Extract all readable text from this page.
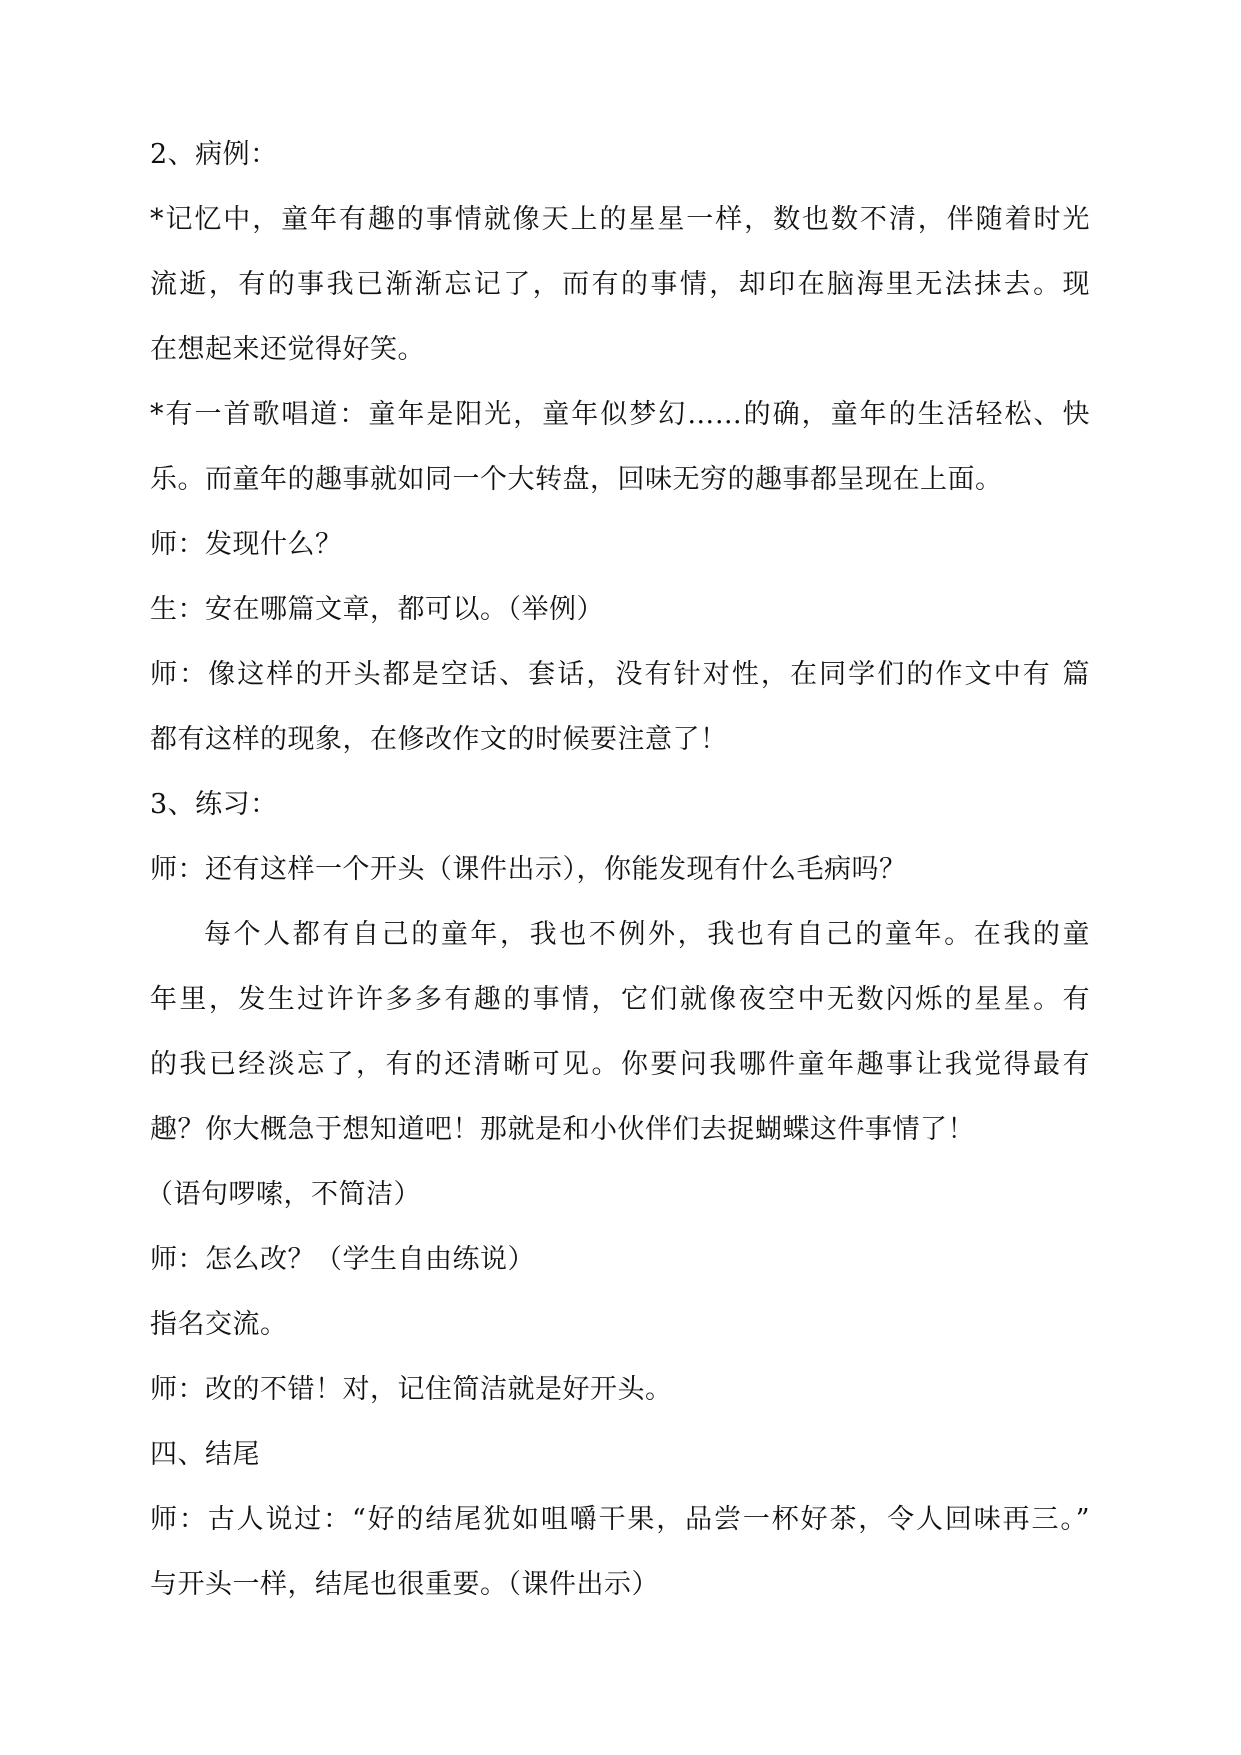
2、病例：
*记忆中，童年有趣的事情就像天上的星星一样，数也数不清，伴随着时光
流逝，有的事我已渐渐忘记了，而有的事情，却印在脑海里无法抹去。现
在想起来还觉得好笑。
*有一首歌唱道：童年是阳光，童年似梦幻……的确，童年的生活轻松、快
乐。而童年的趣事就如同一个大转盘，回味无穷的趣事都呈现在上面。
师：发现什么？
生：安在哪篇文章，都可以。（举例）
师：像这样的开头都是空话、套话，没有针对性，在同学们的作文中有 篇
都有这样的现象，在修改作文的时候要注意了！
3、练习：
师：还有这样一个开头（课件出示），你能发现有什么毛病吗？
每个人都有自己的童年，我也不例外，我也有自己的童年。在我的童
年里，发生过许许多多有趣的事情，它们就像夜空中无数闪烁的星星。有
的我已经淡忘了，有的还清晰可见。你要问我哪件童年趣事让我觉得最有
趣？你大概急于想知道吧！那就是和小伙伴们去捉蝴蝶这件事情了！
（语句啰嗦，不简洁）
师：怎么改？（学生自由练说）
指名交流。
师：改的不错！对，记住简洁就是好开头。
四、结尾
师：古人说过：“好的结尾犹如咀嚼干果，品尝一杯好茶，令人回味再三。”
与开头一样，结尾也很重要。（课件出示）
